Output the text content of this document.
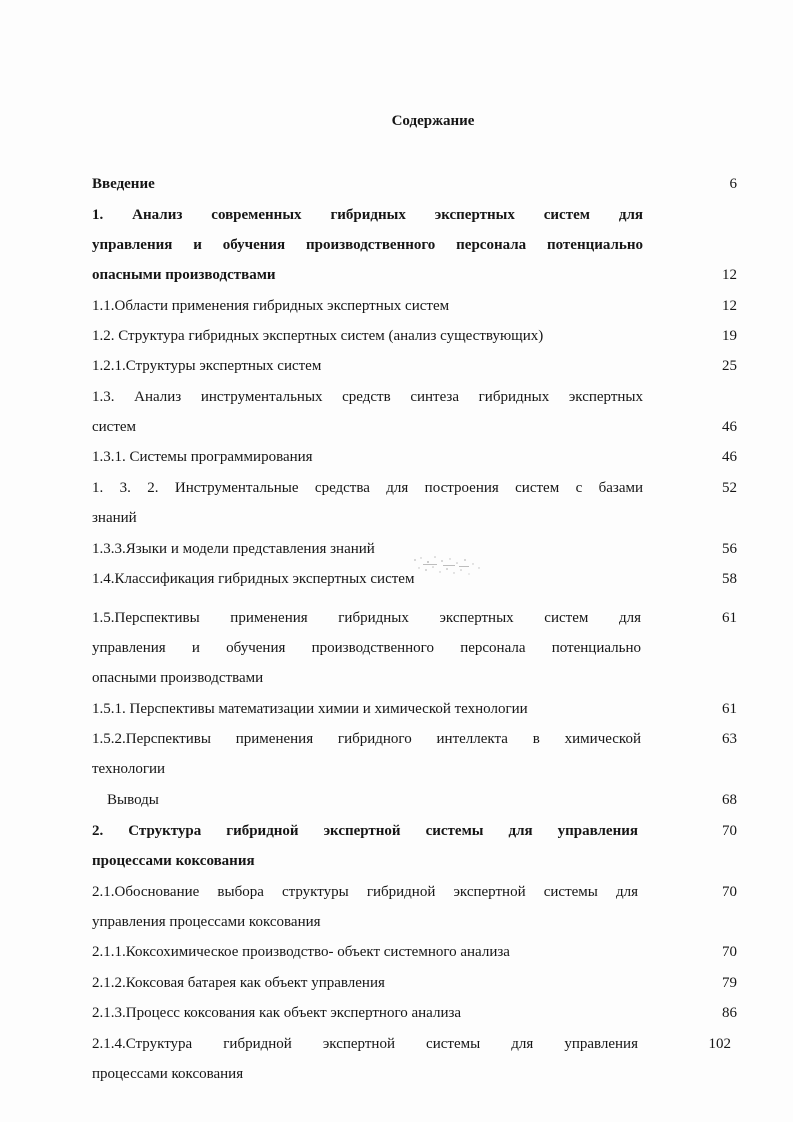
Содержание
Введение	6
1. Анализ современных гибридных экспертных систем для
управления и обучения производственного персонала потенциально
опасными производствами	12
1.1.Области применения гибридных экспертных систем	12
1.2. Структура гибридных экспертных систем (анализ существующих)	19
1.2.1.Структуры экспертных систем	25
1.3. Анализ инструментальных средств синтеза гибридных экспертных
систем	46
1.3.1. Системы программирования	46
1. 3. 2. Инструментальные средства для построения систем с базами	52
знаний
1.3.3.Языки и модели представления знаний	56
1.4.Классификация гибридных экспертных систем	58
1.5.Перспективы применения гибридных экспертных систем для	61
управления и обучения производственного персонала потенциально
опасными производствами
1.5.1. Перспективы математизации химии и химической технологии	61
1.5.2.Перспективы применения гибридного интеллекта в химической	63
технологии
Выводы	68
2. Структура гибридной экспертной системы для управления	70
процессами коксования
2.1.Обоснование выбора структуры гибридной экспертной системы для	70
управления процессами коксования
2.1.1.Коксохимическое производство- объект системного анализа	70
2.1.2.Коксовая батарея как объект управления	79
2.1.3.Процесс коксования как объект экспертного анализа	86
2.1.4.Структура гибридной экспертной системы для управления	102
процессами коксования
